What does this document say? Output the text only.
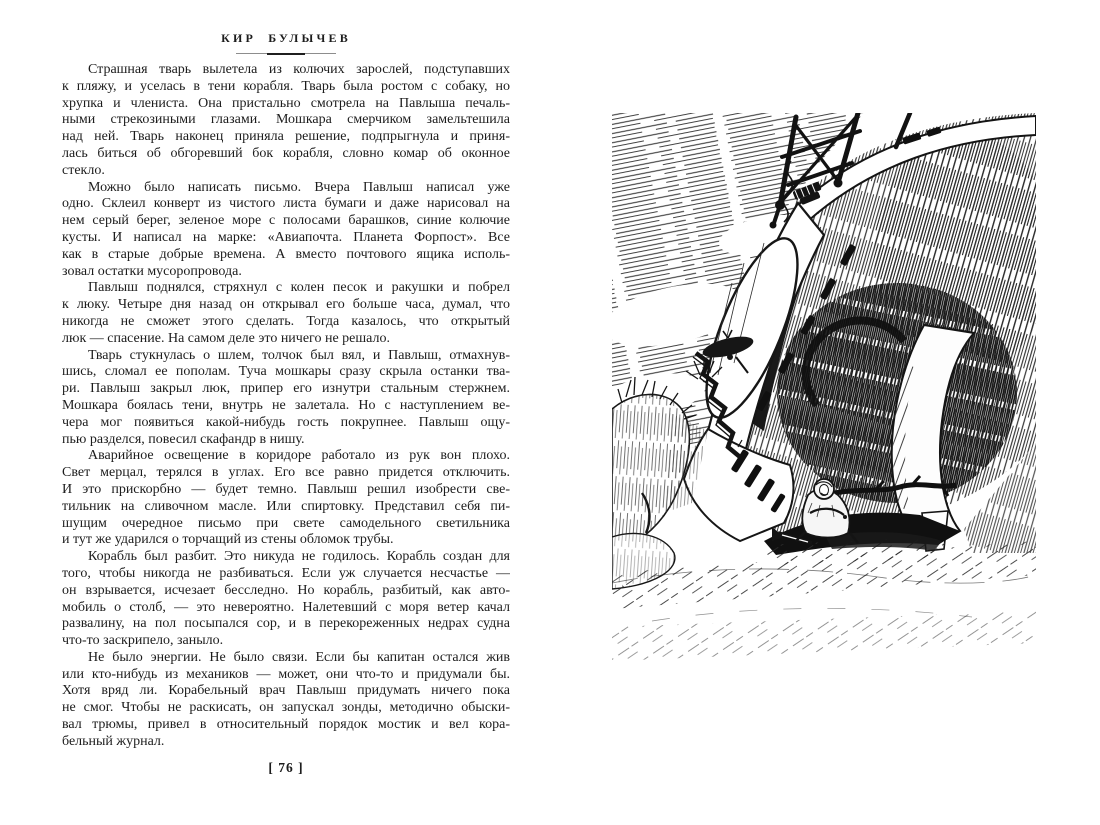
КИР БУЛЫЧЕВ
Страшная тварь вылетела из колючих зарослей, подступавших
к пляжу, и уселась в тени корабля. Тварь была ростом с собаку, но
хрупка и члениста. Она пристально смотрела на Павлыша печаль-
ными стрекозиными глазами. Мошкара смерчиком замельтешила
над ней. Тварь наконец приняла решение, подпрыгнула и приня-
лась биться об обгоревший бок корабля, словно комар об оконное
стекло.
Можно было написать письмо. Вчера Павлыш написал уже
одно. Склеил конверт из чистого листа бумаги и даже нарисовал на
нем серый берег, зеленое море с полосами барашков, синие колючие
кусты. И написал на марке: «Авиапочта. Планета Форпост». Все
как в старые добрые времена. А вместо почтового ящика исполь-
зовал остатки мусоропровода.
Павлыш поднялся, стряхнул с колен песок и ракушки и побрел
к люку. Четыре дня назад он открывал его больше часа, думал, что
никогда не сможет этого сделать. Тогда казалось, что открытый
люк — спасение. На самом деле это ничего не решало.
Тварь стукнулась о шлем, толчок был вял, и Павлыш, отмахнув-
шись, сломал ее пополам. Туча мошкары сразу скрыла останки тва-
ри. Павлыш закрыл люк, припер его изнутри стальным стержнем.
Мошкара боялась тени, внутрь не залетала. Но с наступлением ве-
чера мог появиться какой-нибудь гость покрупнее. Павлыш ощу-
пью разделся, повесил скафандр в нишу.
Аварийное освещение в коридоре работало из рук вон плохо.
Свет мерцал, терялся в углах. Его все равно придется отключить.
И это прискорбно — будет темно. Павлыш решил изобрести све-
тильник на сливочном масле. Или спиртовку. Представил себя пи-
шущим очередное письмо при свете самодельного светильника
и тут же ударился о торчащий из стены обломок трубы.
Корабль был разбит. Это никуда не годилось. Корабль создан для
того, чтобы никогда не разбиваться. Если уж случается несчастье —
он взрывается, исчезает бесследно. Но корабль, разбитый, как авто-
мобиль о столб, — это невероятно. Налетевший с моря ветер качал
развалину, на пол посыпался сор, и в перекореженных недрах судна
что-то заскрипело, заныло.
Не было энергии. Не было связи. Если бы капитан остался жив
или кто-нибудь из механиков — может, они что-то и придумали бы.
Хотя вряд ли. Корабельный врач Павлыш придумать ничего пока
не смог. Чтобы не раскисать, он запускал зонды, методично обыски-
вал трюмы, привел в относительный порядок мостик и вел кора-
бельный журнал.
[ 76 ]
